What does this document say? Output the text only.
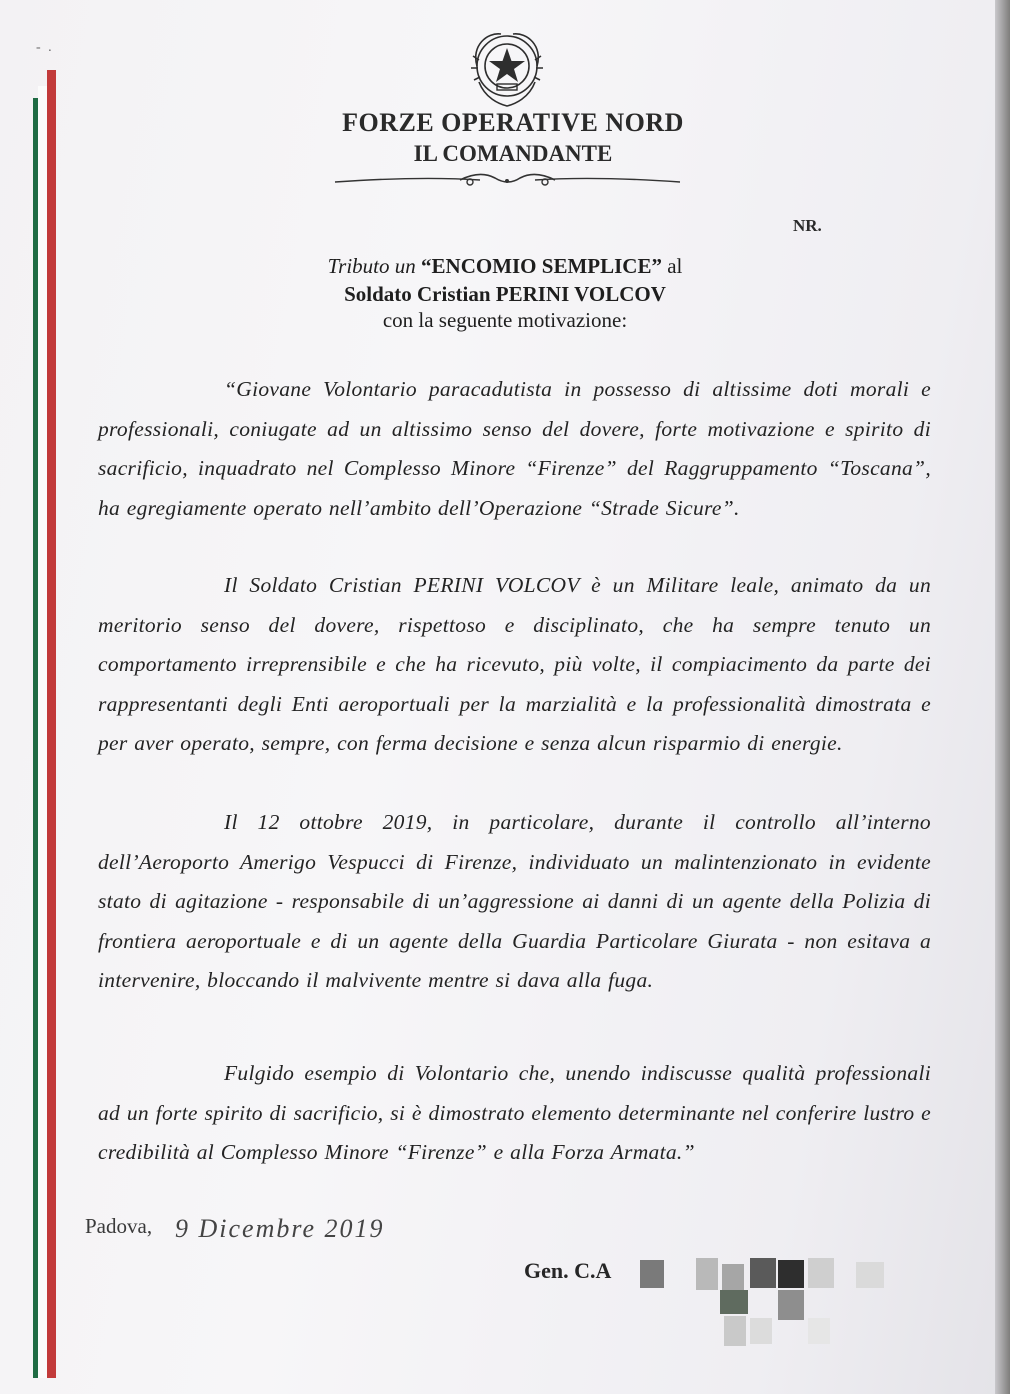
- .
FORZE OPERATIVE NORD
IL COMANDANTE
NR.
Tributo un “ENCOMIO SEMPLICE” al
Soldato Cristian PERINI VOLCOV
con la seguente motivazione:

“Giovane Volontario paracadutista in possesso di altissime doti morali e professionali, coniugate ad un altissimo senso del dovere, forte motivazione e spirito di sacrificio, inquadrato nel Complesso Minore “Firenze” del Raggruppamento “Toscana”, ha egregiamente operato nell’ambito dell’Operazione “Strade Sicure”.

Il Soldato Cristian PERINI VOLCOV è un Militare leale, animato da un meritorio senso del dovere, rispettoso e disciplinato, che ha sempre tenuto un comportamento irreprensibile e che ha ricevuto, più volte, il compiacimento da parte dei rappresentanti degli Enti aeroportuali per la marzialità e la professionalità dimostrata e per aver operato, sempre, con ferma decisione e senza alcun risparmio di energie.

Il 12 ottobre 2019, in particolare, durante il controllo all’interno dell’Aeroporto Amerigo Vespucci di Firenze, individuato un malintenzionato in evidente stato di agitazione - responsabile di un’aggressione ai danni di un agente della Polizia di frontiera aeroportuale e di un agente della Guardia Particolare Giurata - non esitava a intervenire, bloccando il malvivente mentre si dava alla fuga.

Fulgido esempio di Volontario che, unendo indiscusse qualità professionali ad un forte spirito di sacrificio, si è dimostrato elemento determinante nel conferire lustro e credibilità al Complesso Minore “Firenze” e alla Forza Armata.”

Padova, 9 Dicembre 2019
Gen. C.A
